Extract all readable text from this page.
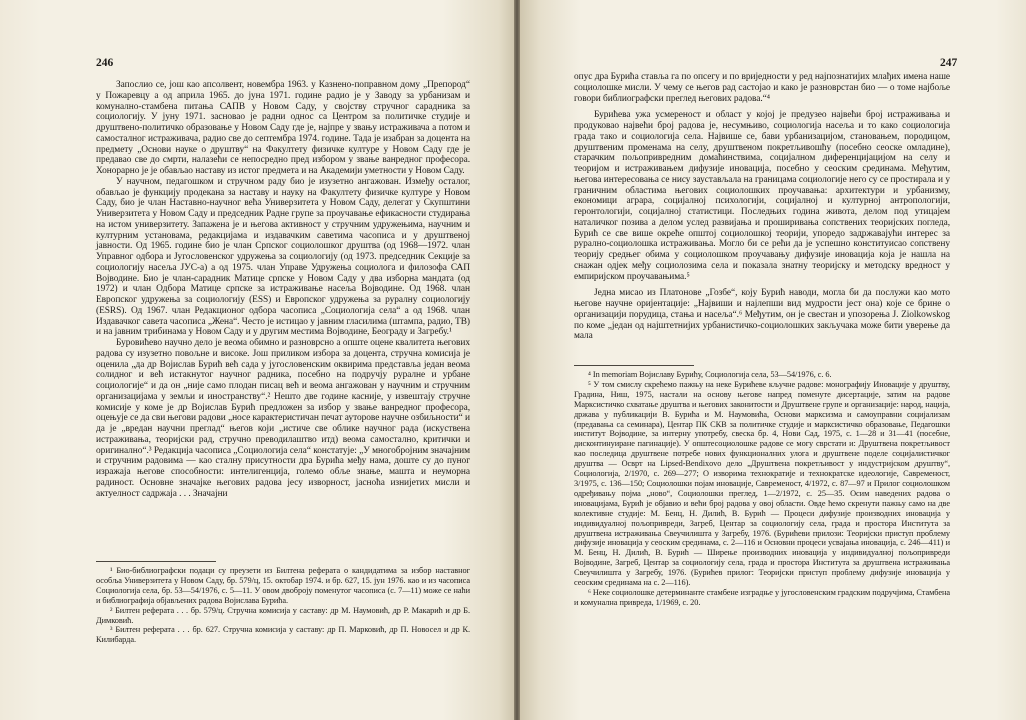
246

Запослио се, још као апсолвент, новембра 1963. у Казнено-поправном дому „Препород“ у Пожаревцу а од априла 1965. до јуна 1971. године радио је у Заводу за урбанизам и комунално-стамбена питања САПВ у Новом Саду, у својству стручног сарадника за социологију. У јуну 1971. засновао је радни однос са Центром за политичке студије и друштвено-политичко образовање у Новом Саду где је, најпре у звању истраживача а потом и самосталног истраживача, радио све до септембра 1974. године. Тада је изабран за доцента на предмету „Основи науке о друштву“ на Факултету физичке културе у Новом Саду где је предавао све до смрти, налазећи се непосредно пред избором у звање ванредног професора. Хонорарно је је обављао наставу из истог предмета и на Академији уметности у Новом Саду.

У научном, педагошком и стручном раду био је изузетно ангажован. Између осталог, обављао је функцију продекана за наставу и науку на Факултету физичке културе у Новом Саду, био је члан Наставно-научног већа Универзитета у Новом Саду, делегат у Скупштини Универзитета у Новом Саду и председник Радне групе за проучавање ефикасности студирања на истом универзитету. Запажена је и његова активност у стручним удружењима, научним и културним установама, редакцијама и издавачким саветима часописа и у друштвеној јавности. Од 1965. године био је члан Српског социолошког друштва (од 1968—1972. члан Управног одбора и Југословенског удружења за социологију (од 1973. председник Секције за социологију насеља ЈУС-а) а од 1975. члан Управе Удружења социолога и филозофа САП Војводине. Био је члан-сарадник Матице српске у Новом Саду у два изборна мандата (од 1972) и члан Одбора Матице српске за истраживање насеља Војводине. Од 1968. члан Европског удружења за социологију (ESS) и Европског удружења за руралну социологију (ESRS). Од 1967. члан Редакционог одбора часописа „Социологија села“ а од 1968. члан Издавачког савета часописа „Жена“. Често је истицао у јавним гласилима (штампа, радио, ТВ) и на јавним трибинама у Новом Саду и у другим местима Војводине, Београду и Загребу.¹

Буровићево научно дело је веома обимно и разноврсно а опште оцене квалитета његових радова су изузетно повољне и високе. Још приликом избора за доцента, стручна комисија је оценила „да др Војислав Бурић већ сада у југословенским оквирима представља један веома солидног и већ истакнутог научног радника, посебно на подручју руралне и урбане социологије“ и да он „није само плодан писац већ и веома ангажован у научним и стручним организацијама у земљи и иностранству“.² Нешто две године касније, у извештају стручне комисије у коме је др Војислав Бурић предложен за избор у звање ванредног професора, оцењује се да сви његови радови „носе карактеристичан печат ауторове научне озбиљности“ и да је „вредан научни преглад“ његов који „истиче све облике научног рада (искуствена истраживања, теоријски рад, стручно преводилаштво итд) веома самостално, критички и оригинално“.³ Редакција часописа „Социологија села“ констатује: „У многобројним значајним и стручним радовима — као сталну присутности дра Бурића међу нама, доште су до пуног изражаја његове способности: интелигенција, големо обље знање, машта и неуморна радиност. Основне значајке његових радова јесу изворност, јасноћа изнијетих мисли и актуелност садржаја . . . Значајни

¹ Био-библиографски подаци су преузети из Билтена реферата о кандидатима за избор наставног особља Универзитета у Новом Саду, бр. 579/ц, 15. октобар 1974. и бр. 627, 15. јун 1976. као и из часописа Социологија села, бр. 53—54/1976, с. 5—11. У овом двоброју поменутог часописа (с. 7—11) може се наћи и библиографија објављених радова Војислава Бурића.

² Билтен реферата . . . бр. 579/ц. Стручна комисија у саставу: др М. Наумовић, др Р. Макарић и др Б. Димковић.

³ Билтен реферата . . . бр. 627. Стручна комисија у саставу: др П. Марковић, др П. Новосел и др К. Килибарда.

247

опус дра Бурића ставља га по опсегу и по вриједности у ред најпознатијих млађих имена наше социолошке мисли. У чему се његов рад састојао и како је разноврстан био — о томе најбоље говори библиографски преглед његових радова.“⁴

Бурићева ужа усмереност и област у којој је предузео највећи број истраживања и продуковао највећи број радова је, несумњиво, социологија насеља и то како социологија града тако и социологија села. Највише се, бави урбанизацијом, становањем, породицом, друштвеним променама на селу, друштвеном покретљивошћу (посебно сеоске омладине), старачким пољопривредним домаћинствима, социјалном диференцијацијом на селу и теоријом и истраживањем дифузије иновација, посебно у сеоским срединама. Међутим, његова интересовања се нису заустављала на границама социологије него су се простирала и у граничним областима његових социолошких проучавања: архитектури и урбанизму, економици аграра, социјалној психологији, социјалној и културној антропологији, геронтологији, социјалној статистици. Последњих година живота, делом под утицајем наталичког позива а делом услед развијања и проширивања сопствених теоријских погледа, Бурић се све више окреће општој социолошкој теорији, упоредо задржавајући интерес за рурално-социолошка истраживања. Могло би се рећи да је успешно конституисао сопствену теорију средњег обима у социолошком проучавању дифузије иновација која је нашла на снажан одјек међу социолозима села и показала знатну теоријску и методску вредност у емпиријском проучавањима.⁵

Једна мисао из Платонове „Гозбе“, коју Бурић наводи, могла би да послужи као мото његове научне оријентације: „Највиши и најлепши вид мудрости јест она) које се брине о организацији порудица, стања и насеља“.⁶ Међутим, он је свестан и упозорења J. Ziolkowskog по коме „један од најштетнијих урбанистичко-социолошких закључака може бити уверење да мала

⁴ In memoriam Војиславу Бурићу, Социологија села, 53—54/1976, с. 6.

⁵ У том смислу скрећемо пажњу на неке Бурићеве кључне радове: монографију Иновације у друштву, Градина, Ниш, 1975, настали на основу његове напред поменуте дисертације, затим на радове Марксистичко схватање друштва и његових законитости и Друштвене групе и организације: народ, нација, држава у публикацији В. Бурића и М. Наумовића, Основи марксизма и самоуправни социјализам (предавања са семинара), Центар ПК СКВ за политичке студије и марксистичко образовање, Педагошки институт Војводине, за интерну употребу, свеска бр. 4, Нови Сад, 1975, с. 1—28 и 31—41 (посебне, дисконтинуиране пагинације). У општесоциолошке радове се могу сврстати и: Друштвена покретљивост као последица друштвене потребе нових функционалних улога и друштвене поделе социјалистичког друштва — Осврт на Lipsed-Bendixovo дело „Друштвена покретљивост у индустријском друштву“, Социологија, 2/1970, с. 269—277; О изворима технократије и технократске идеологије, Савременост, 3/1975, с. 136—150; Социолошки појам иновације, Савременост, 4/1972, с. 87—97 и Прилог социолошком одређивању појма „ново“, Социолошки преглед, 1—2/1972, с. 25—35. Осим наведених радова о иновацијама, Бурић је објавио и већи број радова у овој области. Овде ћемо скренути пажњу само на две колективне студије: М. Бенц, Н. Дилић, В. Бурић — Процеси дифузије производних иновација у индивидуалној пољопривреди, Загреб, Центар за социологију села, града и простора Института за друштвена истраживања Свеучилишта у Загребу, 1976. (Бурићеви прилози: Теоријски приступ проблему дифузије иновација у сеоским срединама, с. 2—116 и Основни процеси усвајања иновација, с. 246—411) и М. Бенц, Н. Дилић, В. Бурић — Ширење производних иновација у индивидуалној пољопривреди Војводине, Загреб, Центар за социологију села, града и простора Института за друштвена истраживања Свеучилишта у Загребу, 1976. (Бурићев прилог: Теоријски приступ проблему дифузије иновација у сеоским срединама на с. 2—116).

⁶ Неке социолошке детерминанте стамбене изградње у југословенским градским подручјима, Стамбена и комунална привреда, 1/1969, с. 20.
